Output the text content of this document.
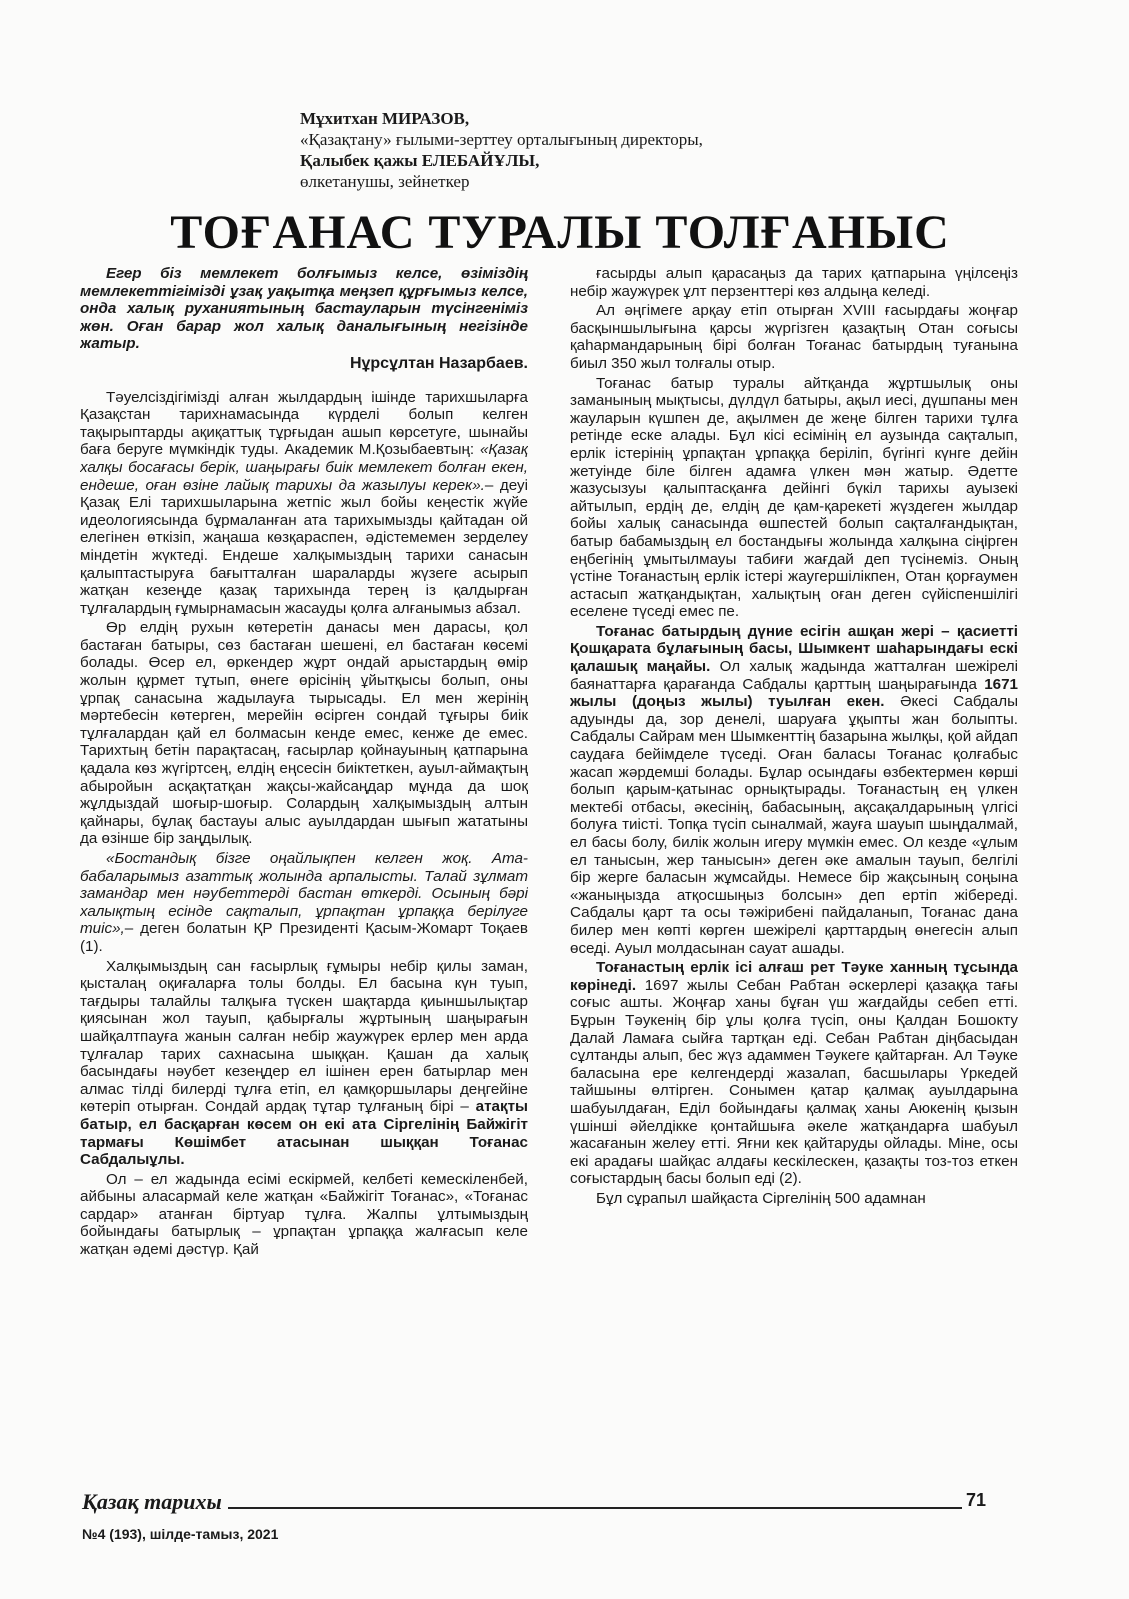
Мұхитхан МИРАЗОВ,
«Қазақтану» ғылыми-зерттеу орталығының директоры,
Қалыбек қажы ЕЛЕБАЙҰЛЫ,
өлкетанушы, зейнеткер
ТОҒАНАС ТУРАЛЫ ТОЛҒАНЫС

Егер біз мемлекет болғымыз келсе, өзіміздің мемлекеттігімізді ұзақ уақытқа меңзеп құрғымыз келсе, онда халық руханиятының бастауларын түсінгеніміз жөн. Оған барар жол халық даналығының негізінде жатыр.

Нұрсұлтан Назарбаев.

Тәуелсіздігімізді алған жылдардың ішінде тарихшыларға Қазақстан тарихнамасында күрделі болып келген тақырыптарды ақиқаттық тұрғыдан ашып көрсетуге, шынайы баға беруге мүмкіндік туды. Академик М.Қозыбаевтың: «Қазақ халқы босағасы берік, шаңырағы биік мемлекет болған екен, ендеше, оған өзіне лайық тарихы да жазылуы керек».– деуі Қазақ Елі тарихшыларына жетпіс жыл бойы кеңестік жүйе идеологиясында бұрмаланған ата тарихымызды қайтадан ой елегінен өткізіп, жаңаша көзқараспен, әдістемемен зерделеу міндетін жүктеді. Ендеше халқымыздың тарихи санасын қалыптастыруға бағытталған шараларды жүзеге асырып жатқан кезеңде қазақ тарихында терең із қалдырған тұлғалардың ғұмырнамасын жасауды қолға алғанымыз абзал.

Өр елдің рухын көтеретін данасы мен дарасы, қол бастаған батыры, сөз бастаған шешені, ел бастаған көсемі болады. Өсер ел, өркендер жұрт ондай арыстардың өмір жолын құрмет тұтып, өнеге өрісінің ұйытқысы болып, оны ұрпақ санасына жадылауға тырысады. Ел мен жерінің мәртебесін көтерген, мерейін өсірген сондай тұғыры биік тұлғалардан қай ел болмасын кенде емес, кенже де емес. Тарихтың бетін парақтасаң, ғасырлар қойнауының қатпарына қадала көз жүгіртсең, елдің еңсесін биіктеткен, ауыл-аймақтың абыройын асқақтатқан жақсы-жайсаңдар мұнда да шоқ жұлдыздай шоғыр-шоғыр. Солардың халқымыздың алтын қайнары, бұлақ бастауы алыс ауылдардан шығып жататыны да өзінше бір заңдылық.

«Бостандық бізге оңайлықпен келген жоқ. Ата-бабаларымыз азаттық жолында арпалысты. Талай зұлмат замандар мен нәубеттерді бастан өткерді. Осының бәрі халықтың есінде сақталып, ұрпақтан ұрпаққа берілуге тиіс»,– деген болатын ҚР Президенті Қасым-Жомарт Тоқаев (1).

Халқымыздың сан ғасырлық ғұмыры небір қилы заман, қысталаң оқиғаларға толы болды. Ел басына күн туып, тағдыры талайлы талқыға түскен шақтарда қиыншылықтар қиясынан жол тауып, қабырғалы жұртының шаңырағын шайқалтпауға жанын салған небір жаужүрек ерлер мен арда тұлғалар тарих сахнасына шыққан. Қашан да халық басындағы нәубет кезеңдер ел ішінен ерен батырлар мен алмас тілді билерді тұлға етіп, ел қамқоршылары деңгейіне көтеріп отырған. Сондай ардақ тұтар тұлғаның бірі – атақты батыр, ел басқарған көсем он екі ата Сіргелінің Байжігіт тармағы Көшімбет атасынан шыққан Тоғанас Сабдалыұлы.

Ол – ел жадында есімі ескірмей, келбеті кемескіленбей, айбыны аласармай келе жатқан «Байжігіт Тоғанас», «Тоғанас сардар» атанған біртуар тұлға. Жалпы ұлтымыздың бойындағы батырлық – ұрпақтан ұрпаққа жалғасып келе жатқан әдемі дәстүр. Қай

ғасырды алып қарасаңыз да тарих қатпарына үңілсеңіз небір жаужүрек ұлт перзенттері көз алдыңа келеді.

Ал әңгімеге арқау етіп отырған XVIII ғасырдағы жоңғар басқыншылығына қарсы жүргізген қазақтың Отан соғысы қаһармандарының бірі болған Тоғанас батырдың туғанына биыл 350 жыл толғалы отыр.

Тоғанас батыр туралы айтқанда жұртшылық оны заманының мықтысы, дүлдүл батыры, ақыл иесі, дүшпаны мен жауларын күшпен де, ақылмен де жеңе білген тарихи тұлға ретінде еске алады. Бұл кісі есімінің ел аузында сақталып, ерлік істерінің ұрпақтан ұрпаққа беріліп, бүгінгі күнге дейін жетуінде біле білген адамға үлкен мән жатыр. Әдетте жазусызуы қалыптасқанға дейінгі бүкіл тарихы ауызекі айтылып, ердің де, елдің де қам-қарекеті жүздеген жылдар бойы халық санасында өшпестей болып сақталғандықтан, батыр бабамыздың ел бостандығы жолында халқына сіңірген еңбегінің ұмытылмауы табиғи жағдай деп түсінеміз. Оның үстіне Тоғанастың ерлік істері жаугершілікпен, Отан қорғаумен астасып жатқандықтан, халықтың оған деген сүйіспеншілігі еселене түседі емес пе.

Тоғанас батырдың дүние есігін ашқан жері – қасиетті Қошқарата бұлағының басы, Шымкент шаһарындағы ескі қалашық маңайы. Ол халық жадында жатталған шежірелі баянаттарға қарағанда Сабдалы қарттың шаңырағында 1671 жылы (доңыз жылы) туылған екен. Әкесі Сабдалы адуынды да, зор денелі, шаруаға ұқыпты жан болыпты. Сабдалы Сайрам мен Шымкенттің базарына жылқы, қой айдап саудаға бейімделе түседі. Оған баласы Тоғанас қолғабыс жасап жәрдемші болады. Бұлар осындағы өзбектермен көрші болып қарым-қатынас орнықтырады. Тоғанастың ең үлкен мектебі отбасы, әкесінің, бабасының, ақсақалдарының үлгісі болуға тиісті. Топқа түсіп сыналмай, жауға шауып шыңдалмай, ел басы болу, билік жолын игеру мүмкін емес. Ол кезде «ұлым ел танысын, жер танысын» деген әке амалын тауып, белгілі бір жерге баласын жұмсайды. Немесе бір жақсының соңына «жаныңызда атқосшыңыз болсын» деп ертіп жібереді. Сабдалы қарт та осы тәжірибені пайдаланып, Тоғанас дана билер мен көпті көрген шежірелі қарттардың өнегесін алып өседі. Ауыл молдасынан сауат ашады.

Тоғанастың ерлік ісі алғаш рет Тәуке ханның тұсында көрінеді. 1697 жылы Себан Рабтан әскерлері қазаққа тағы соғыс ашты. Жоңғар ханы бұған үш жағдайды себеп етті. Бұрын Тәукенің бір ұлы қолға түсіп, оны Қалдан Бошокту Далай Ламаға сыйға тартқан еді. Себан Рабтан діңбасыдан сұлтанды алып, бес жүз адаммен Тәукеге қайтарған. Ал Тәуке баласына ере келгендерді жазалап, басшылары Үркедей тайшыны өлтірген. Сонымен қатар қалмақ ауылдарына шабуылдаған, Еділ бойындағы қалмақ ханы Аюкенің қызын үшінші әйелдікке қонтайшыға әкеле жатқандарға шабуыл жасағанын желеу етті. Яғни кек қайтаруды ойлады. Міне, осы екі арадағы шайқас алдағы кескілескен, қазақты тоз-тоз еткен соғыстардың басы болып еді (2).

Бұл сұрапыл шайқаста Сіргелінің 500 адамнан

Қазақ тарихы	71
№4 (193), шілде-тамыз, 2021
